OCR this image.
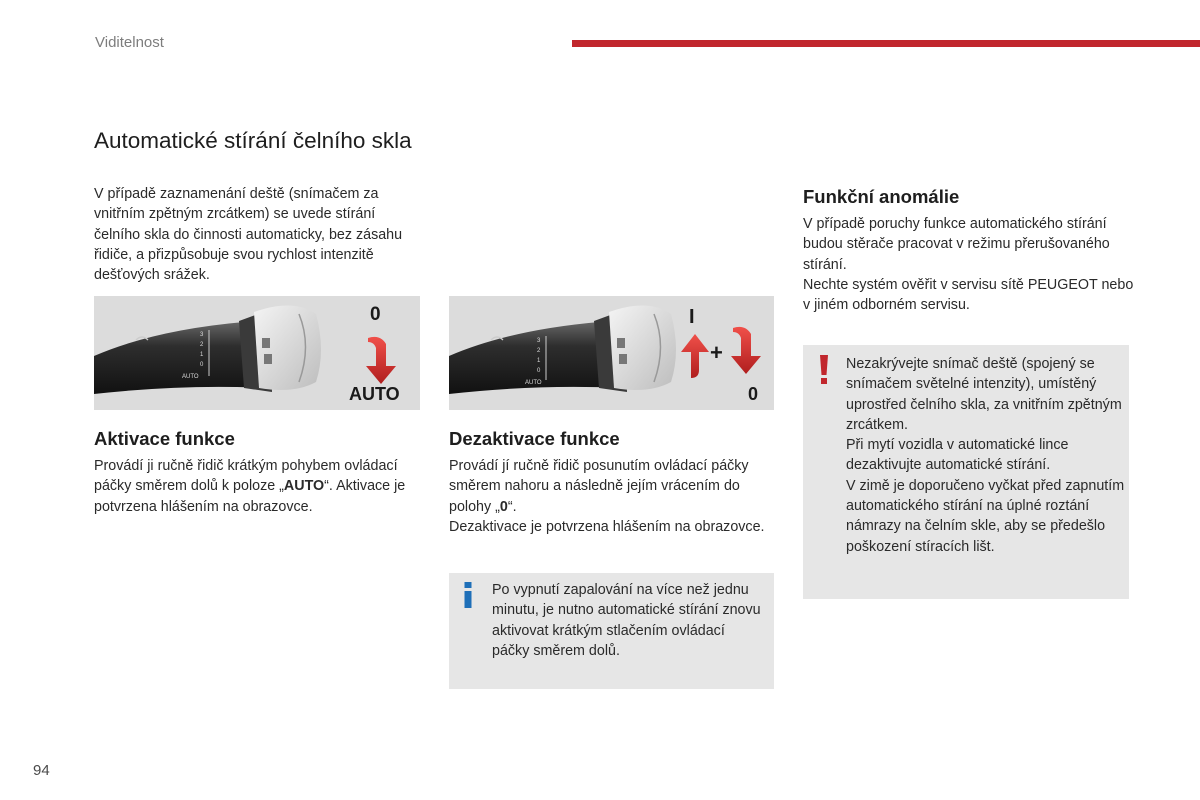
Viditelnost
Automatické stírání čelního skla
V případě zaznamenání deště (snímačem za vnitřním zpětným zrcátkem) se uvede stírání čelního skla do činnosti automaticky, bez zásahu řidiče, a přizpůsobuje svou rychlost intenzitě dešťových srážek.
AUTO
0
1
2
3
0
AUTO
AUTO
0
1
2
3
I
+
0
Aktivace funkce
Provádí ji ručně řidič krátkým pohybem ovládací páčky směrem dolů k poloze „AUTO“. Aktivace je potvrzena hlášením na obrazovce.
Dezaktivace funkce
Provádí jí ručně řidič posunutím ovládací páčky směrem nahoru a následně jejím vrácením do polohy „0“.
Dezaktivace je potvrzena hlášením na obrazovce.
Po vypnutí zapalování na více než jednu minutu, je nutno automatické stírání znovu aktivovat krátkým stlačením ovládací páčky směrem dolů.
Funkční anomálie
V případě poruchy funkce automatického stírání budou stěrače pracovat v režimu přerušovaného stírání.
Nechte systém ověřit v servisu sítě PEUGEOT nebo v jiném odborném servisu.
Nezakrývejte snímač deště (spojený se snímačem světelné intenzity), umístěný uprostřed čelního skla, za vnitřním zpětným zrcátkem.
Při mytí vozidla v automatické lince dezaktivujte automatické stírání.
V zimě je doporučeno vyčkat před zapnutím automatického stírání na úplné roztání námrazy na čelním skle, aby se předešlo poškození stíracích lišt.
94
